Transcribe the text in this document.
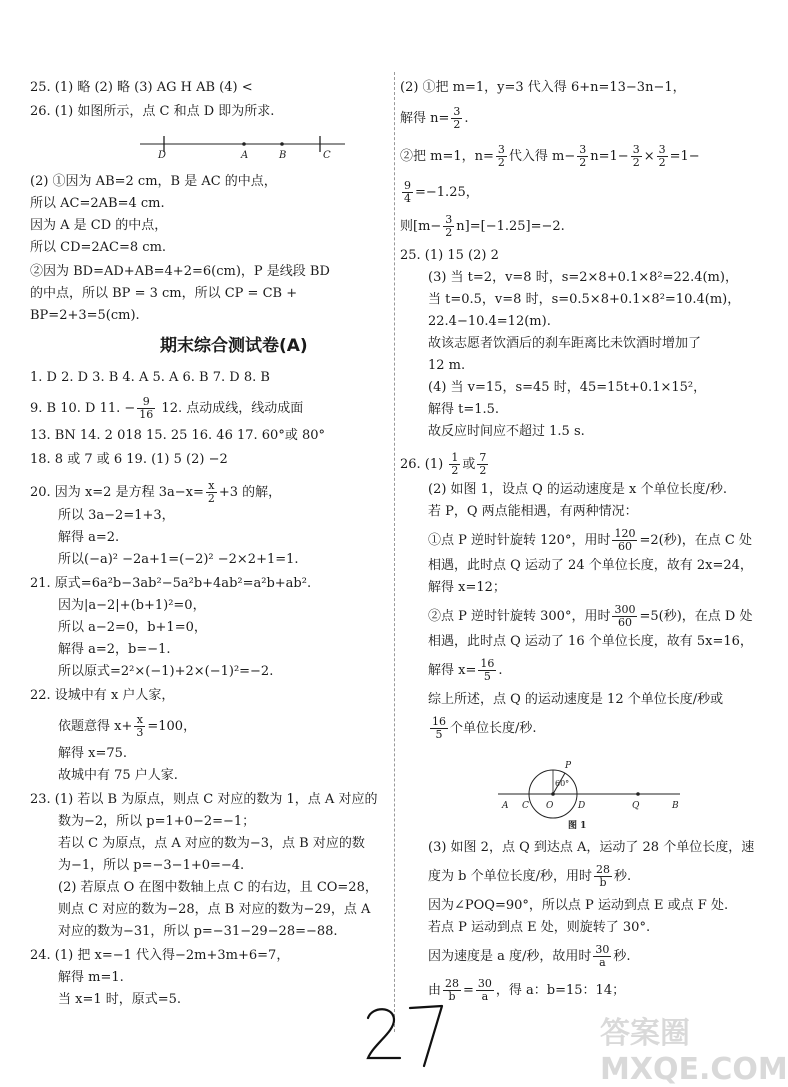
25. (1) 略 (2) 略 (3) AG H AB (4) <
26. (1) 如图所示，点 C 和点 D 即为所求.
D	A	B	C
(2) ①因为 AB=2 cm，B 是 AC 的中点，
所以 AC=2AB=4 cm.
因为 A 是 CD 的中点，
所以 CD=2AC=8 cm.
②因为 BD=AD+AB=4+2=6(cm)，P 是线段 BD
的中点，所以 BP = 3 cm，所以 CP = CB +
BP=2+3=5(cm).
期末综合测试卷(A)
1. D 2. D 3. B 4. A 5. A 6. B 7. D 8. B
9. B 10. D 11. − $\frac{9}{16} 12$. 点动成线，线动成面
13. BN 14. 2 018 15. 25 16. 46 17. 60°或 80°
18. 8 或 7 或 6 19. (1) 5 (2) −2
20. 因为 x=2 是方程 $3a-x= \frac{x}{2} +3$ 的解，
所以 3a−2=1+3，
解得 a=2.
所以(−a)² −2a+1=(−2)² −2×2+1=1.
21. 原式=6a²b−3ab²−5a²b+4ab²=a²b+ab².
因为|a−2|+(b+1)²=0，
所以 a−2=0，b+1=0，
解得 a=2，b=−1.
所以原式=2²×(−1)+2×(−1)²=−2.
22. 设城中有 x 户人家，
依题意得 $x+ \frac{x}{3} =100$，
解得 x=75.
故城中有 75 户人家.
23. (1) 若以 B 为原点，则点 C 对应的数为 1，点 A 对应的
数为−2，所以 p=1+0−2=−1；
若以 C 为原点，点 A 对应的数为−3，点 B 对应的数
为−1，所以 p=−3−1+0=−4.
(2) 若原点 O 在图中数轴上点 C 的右边，且 CO=28，
则点 C 对应的数为−28，点 B 对应的数为−29，点 A
对应的数为−31，所以 p=−31−29−28=−88.
24. (1) 把 x=−1 代入得−2m+3m+6=7，
解得 m=1.
当 x=1 时，原式=5.
(2) ①把 m=1，y=3 代入得 6+n=13−3n−1，
解得 $n= \frac{3}{2}$ .
②把 m=1，$n= \frac{3}{2}$ 代入得 $m- \frac{3}{2} n=1- \frac{3}{2} \times \frac{3}{2} =1-$
$\frac{9}{4} =-1.25$，
则$[m- \frac{3}{2} n]=[-1.25]=-2$.
25. (1) 15 (2) 2
(3) 当 t=2，v=8 时，s=2×8+0.1×8²=22.4(m)，
当 t=0.5，v=8 时，s=0.5×8+0.1×8²=10.4(m)，
22.4−10.4=12(m).
故该志愿者饮酒后的刹车距离比未饮酒时增加了
12 m.
(4) 当 v=15，s=45 时，45=15t+0.1×15²，
解得 t=1.5.
故反应时间应不超过 1.5 s.
26. $(1) \frac{1}{2}$ 或 $\frac{7}{2}$
(2) 如图 1，设点 Q 的运动速度是 x 个单位长度/秒.
若 P，Q 两点能相遇，有两种情况：
①点 P 逆时针旋转 120°，用时 $\frac{120}{60} =2$(秒)，在点 C 处
相遇，此时点 Q 运动了 24 个单位长度，故有 2x=24，
解得 x=12；
②点 P 逆时针旋转 300°，用时 $\frac{300}{60} =5$(秒)，在点 D 处
相遇，此时点 Q 运动了 16 个单位长度，故有 5x=16，
解得 $x= \frac{16}{5}$ .
综上所述，点 Q 的运动速度是 12 个单位长度/秒或
$\frac{16}{5}$ 个单位长度/秒.
P
60°
A C O	D	Q	B
图 1
(3) 如图 2，点 Q 到达点 A，运动了 28 个单位长度，速
度为 b 个单位长度/秒，用时 $\frac{28}{b}$ 秒.
因为∠POQ=90°，所以点 P 运动到点 E 或点 F 处.
若点 P 运动到点 E 处，则旋转了 30°.
因为速度是 a 度/秒，故用时 $\frac{30}{a}$ 秒.
由 $\frac{28}{b} = \frac{30}{a}$ ，得 a：b=15：14；
答案圈 MXQE.COM
